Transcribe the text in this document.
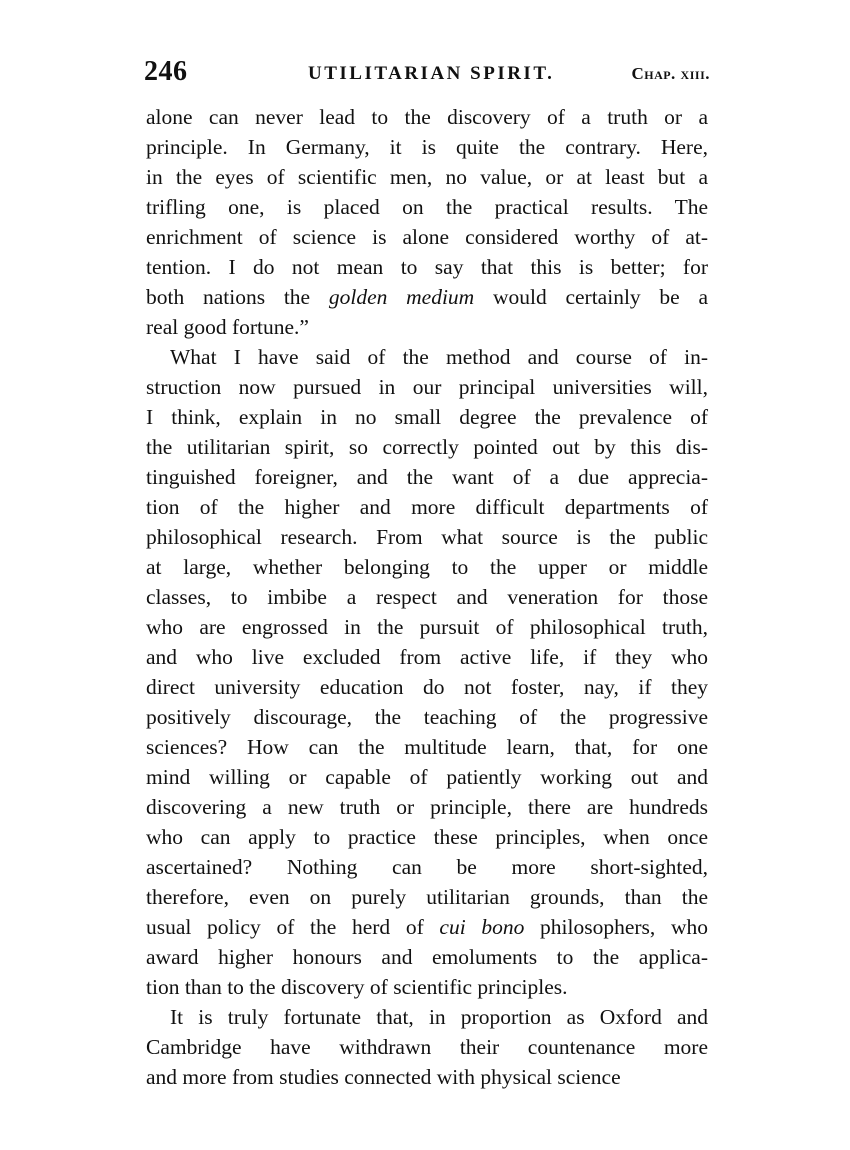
246	UTILITARIAN SPIRIT.	Chap. xiii.
alone can never lead to the discovery of a truth or a
principle. In Germany, it is quite the contrary. Here,
in the eyes of scientific men, no value, or at least but a
trifling one, is placed on the practical results. The
enrichment of science is alone considered worthy of at-
tention. I do not mean to say that this is better; for
both nations the golden medium would certainly be a
real good fortune.”
What I have said of the method and course of in-
struction now pursued in our principal universities will,
I think, explain in no small degree the prevalence of
the utilitarian spirit, so correctly pointed out by this dis-
tinguished foreigner, and the want of a due apprecia-
tion of the higher and more difficult departments of
philosophical research. From what source is the public
at large, whether belonging to the upper or middle
classes, to imbibe a respect and veneration for those
who are engrossed in the pursuit of philosophical truth,
and who live excluded from active life, if they who
direct university education do not foster, nay, if they
positively discourage, the teaching of the progressive
sciences? How can the multitude learn, that, for one
mind willing or capable of patiently working out and
discovering a new truth or principle, there are hundreds
who can apply to practice these principles, when once
ascertained? Nothing can be more short-sighted,
therefore, even on purely utilitarian grounds, than the
usual policy of the herd of cui bono philosophers, who
award higher honours and emoluments to the applica-
tion than to the discovery of scientific principles.
It is truly fortunate that, in proportion as Oxford and
Cambridge have withdrawn their countenance more
and more from studies connected with physical science
